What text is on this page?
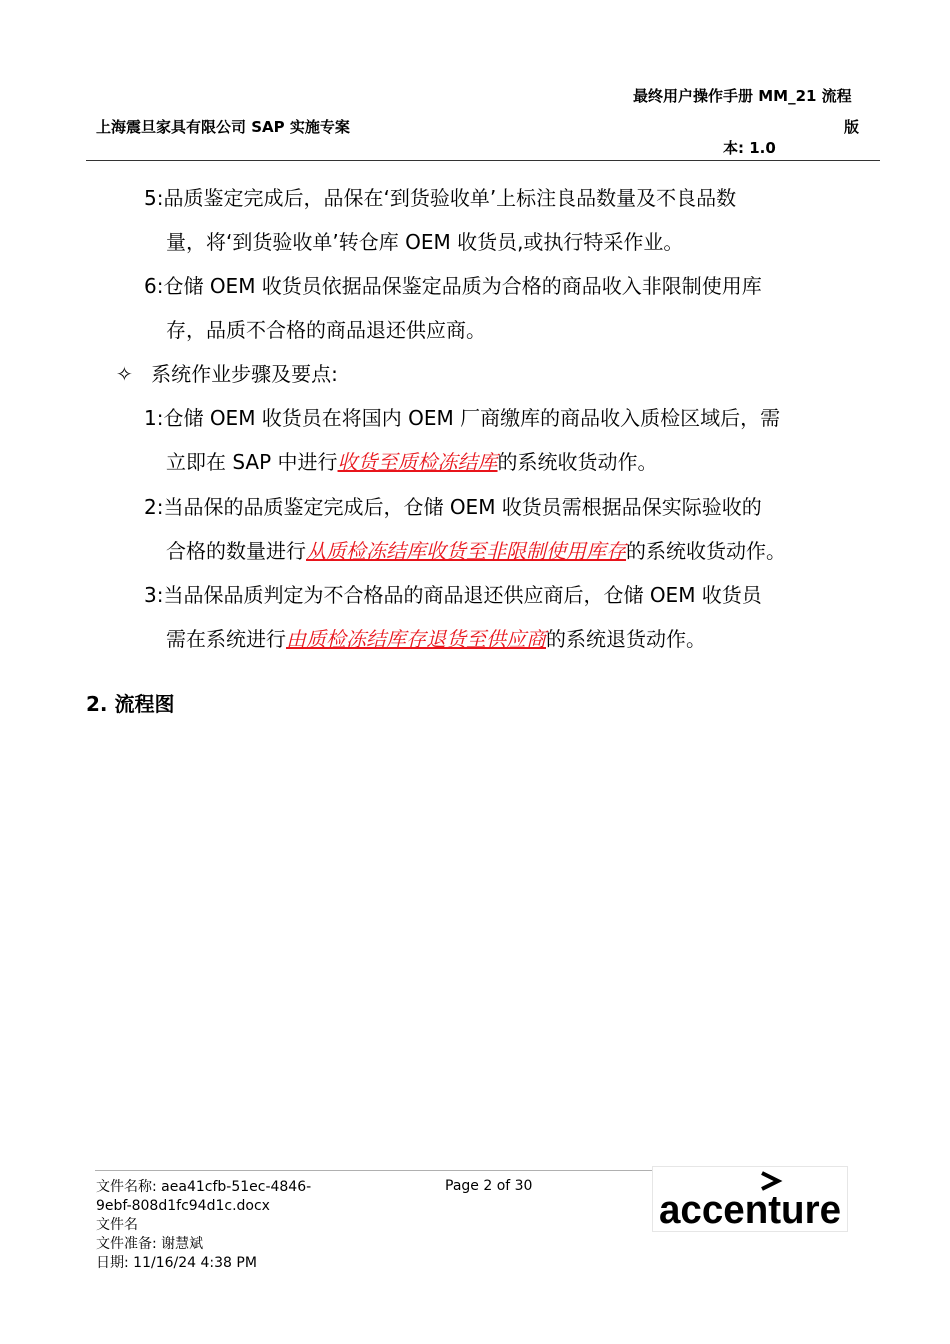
最终用户操作手册 MM_21 流程
上海震旦家具有限公司 SAP 实施专案	版
本: 1.0
5:品质鉴定完成后，品保在‘到货验收单’上标注良品数量及不良品数
量，将‘到货验收单’转仓库 OEM 收货员,或执行特采作业。
6:仓储 OEM 收货员依据品保鉴定品质为合格的商品收入非限制使用库
存，品质不合格的商品退还供应商。
✧ 系统作业步骤及要点:
1:仓储 OEM 收货员在将国内 OEM 厂商缴库的商品收入质检区域后，需
立即在 SAP 中进行收货至质检冻结库的系统收货动作。
2:当品保的品质鉴定完成后，仓储 OEM 收货员需根据品保实际验收的
合格的数量进行从质检冻结库收货至非限制使用库存的系统收货动作。
3:当品保品质判定为不合格品的商品退还供应商后，仓储 OEM 收货员
需在系统进行由质检冻结库存退货至供应商的系统退货动作。
2. 流程图
文件名称: aea41cfb-51ec-4846-
9ebf-808d1fc94d1c.docx
文件名
文件准备: 谢慧斌
日期: 11/16/24 4:38 PM
Page 2 of 30
accenture
